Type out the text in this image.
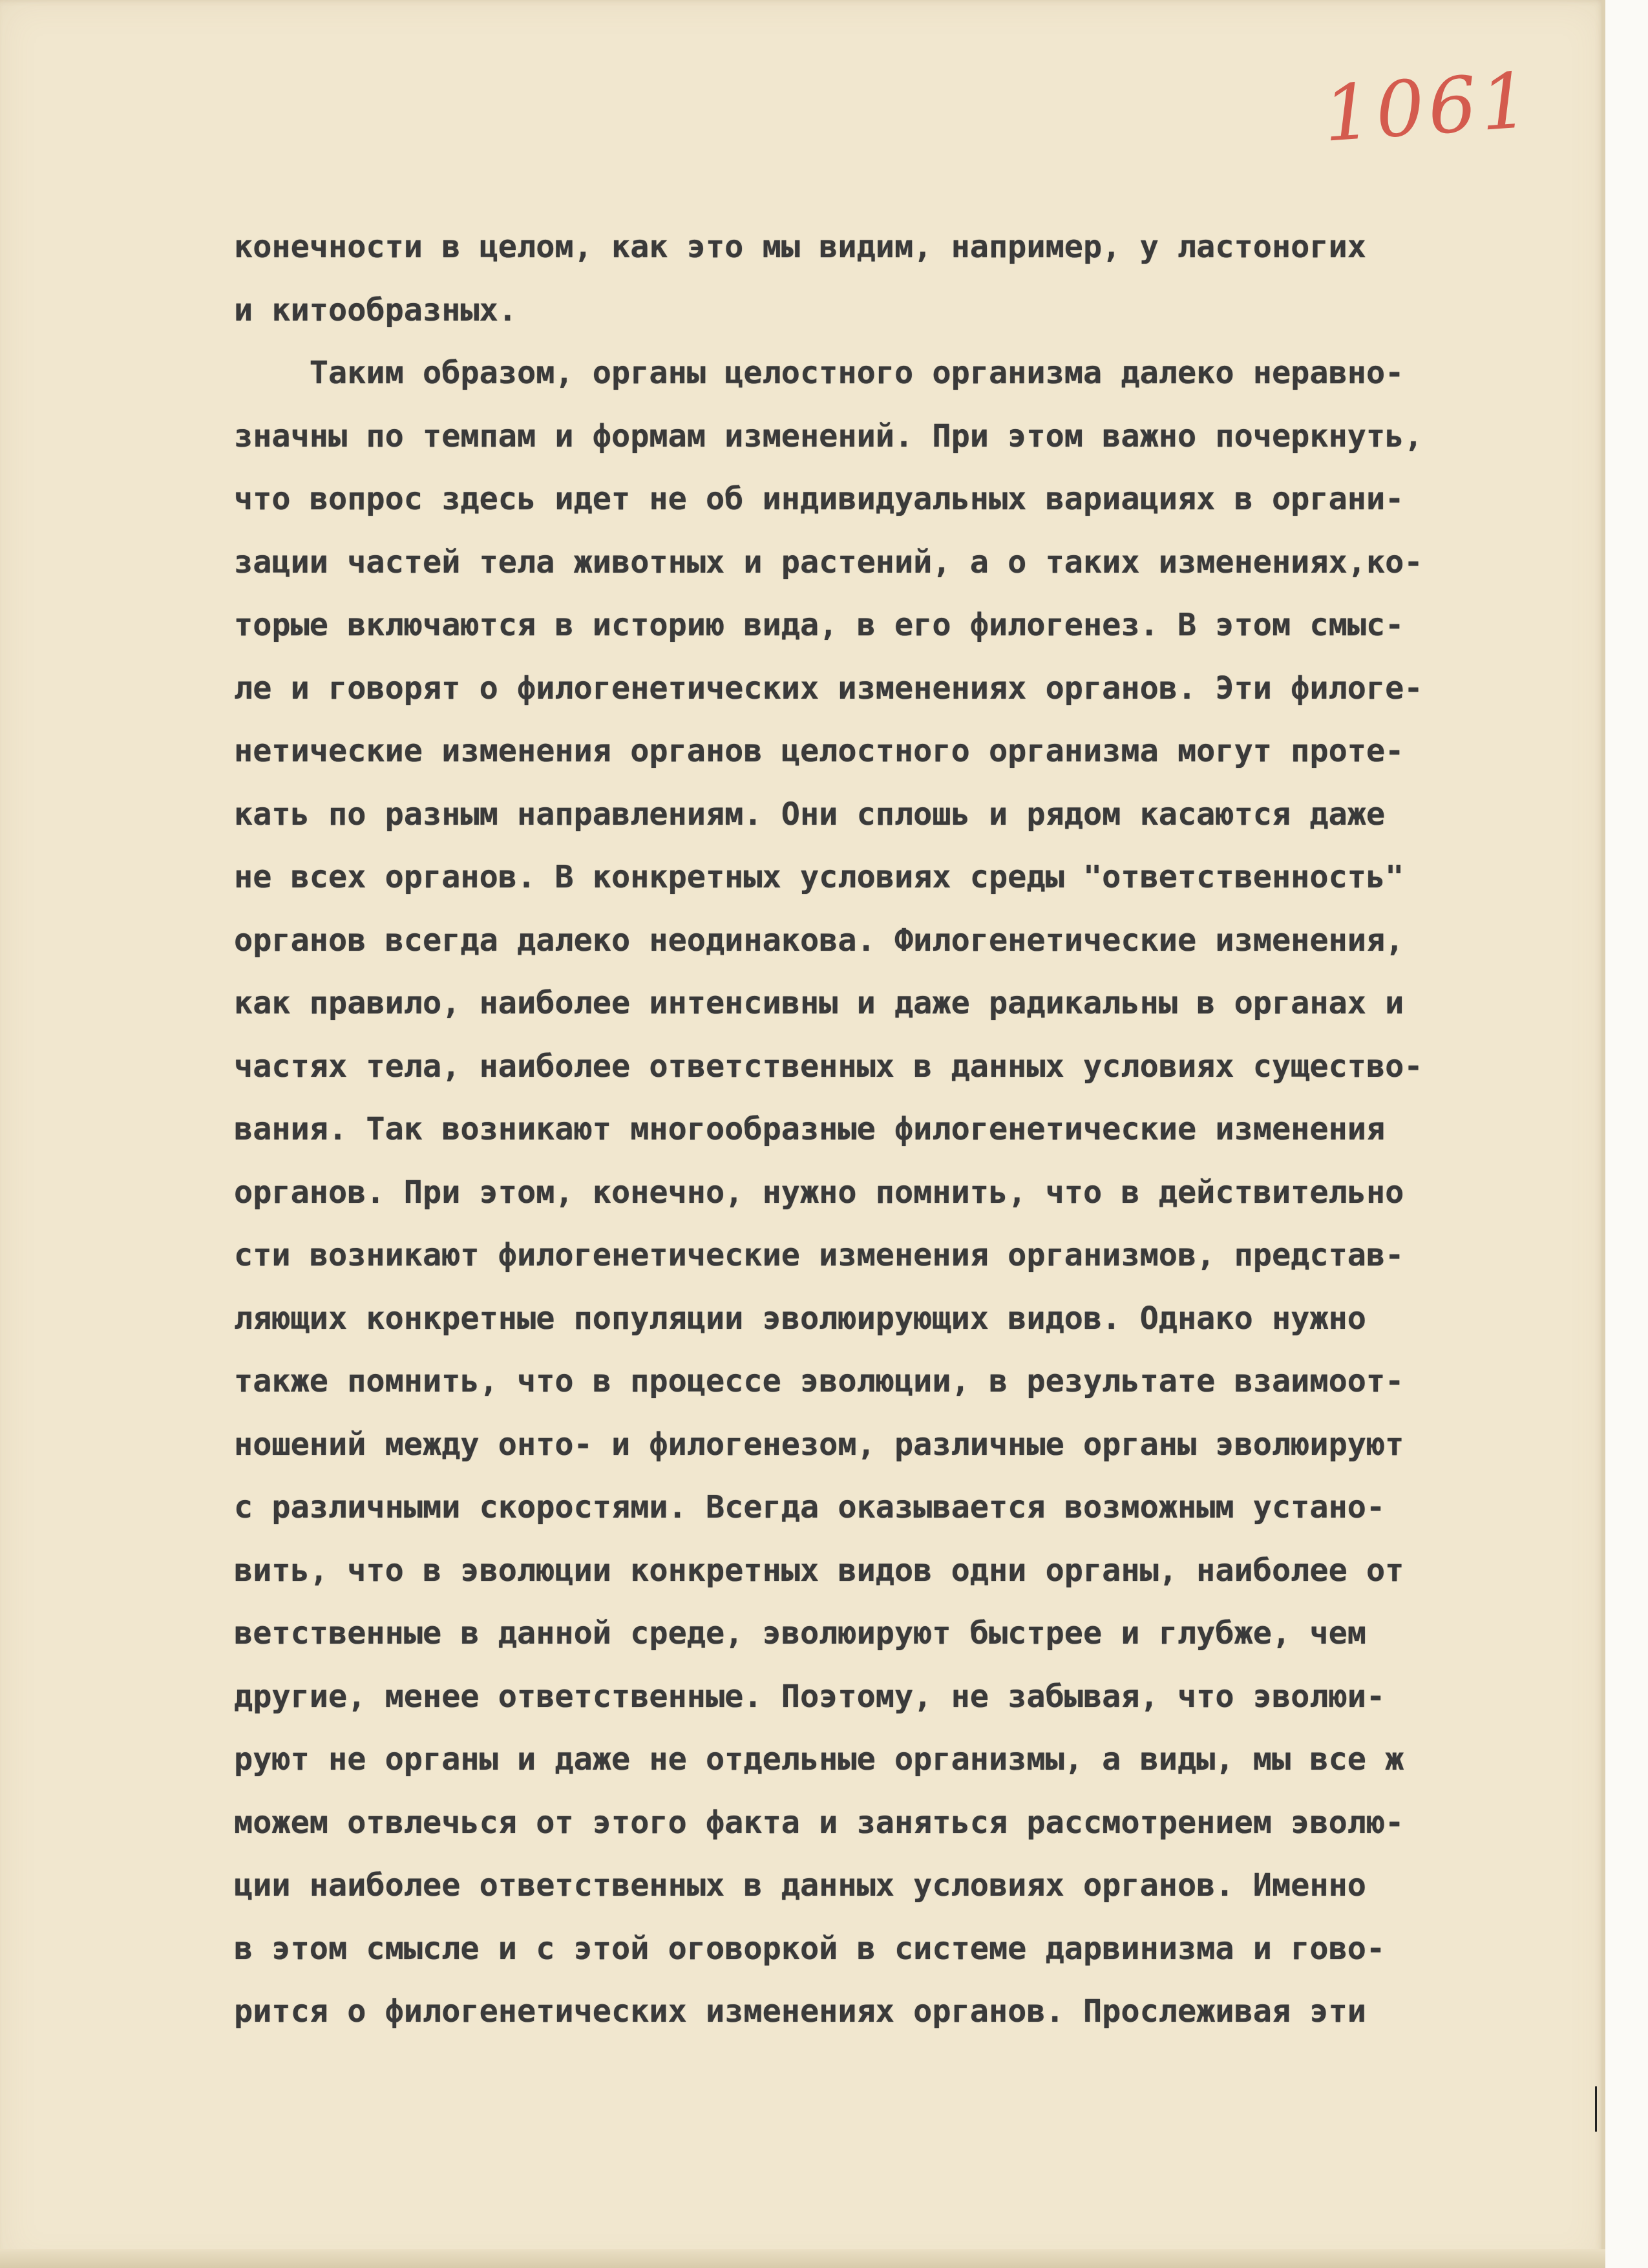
1061
конечности в целом, как это мы видим, например, у ластоногих
и китообразных.
Таким образом, органы целостного организма далеко неравно-
значны по темпам и формам изменений. При этом важно почеркнуть,
что вопрос здесь идет не об индивидуальных вариациях в органи-
зации частей тела животных и растений, а о таких изменениях,ко-
торые включаются в историю вида, в его филогенез. В этом смыс-
ле и говорят о филогенетических изменениях органов. Эти филоге-
нетические изменения органов целостного организма могут проте-
кать по разным направлениям. Они сплошь и рядом касаются даже
не всех органов. В конкретных условиях среды "ответственность"
органов всегда далеко неодинакова. Филогенетические изменения,
как правило, наиболее интенсивны и даже радикальны в органах и
частях тела, наиболее ответственных в данных условиях существо-
вания. Так возникают многообразные филогенетические изменения
органов. При этом, конечно, нужно помнить, что в действительно
сти возникают филогенетические изменения организмов, представ-
ляющих конкретные популяции эволюирующих видов. Однако нужно
также помнить, что в процессе эволюции, в результате взаимоот-
ношений между онто- и филогенезом, различные органы эволюируют
с различными скоростями. Всегда оказывается возможным устано-
вить, что в эволюции конкретных видов одни органы, наиболее от
ветственные в данной среде, эволюируют быстрее и глубже, чем
другие, менее ответственные. Поэтому, не забывая, что эволюи-
руют не органы и даже не отдельные организмы, а виды, мы все ж
можем отвлечься от этого факта и заняться рассмотрением эволю-
ции наиболее ответственных в данных условиях органов. Именно
в этом смысле и с этой оговоркой в системе дарвинизма и гово-
рится о филогенетических изменениях органов. Прослеживая эти
